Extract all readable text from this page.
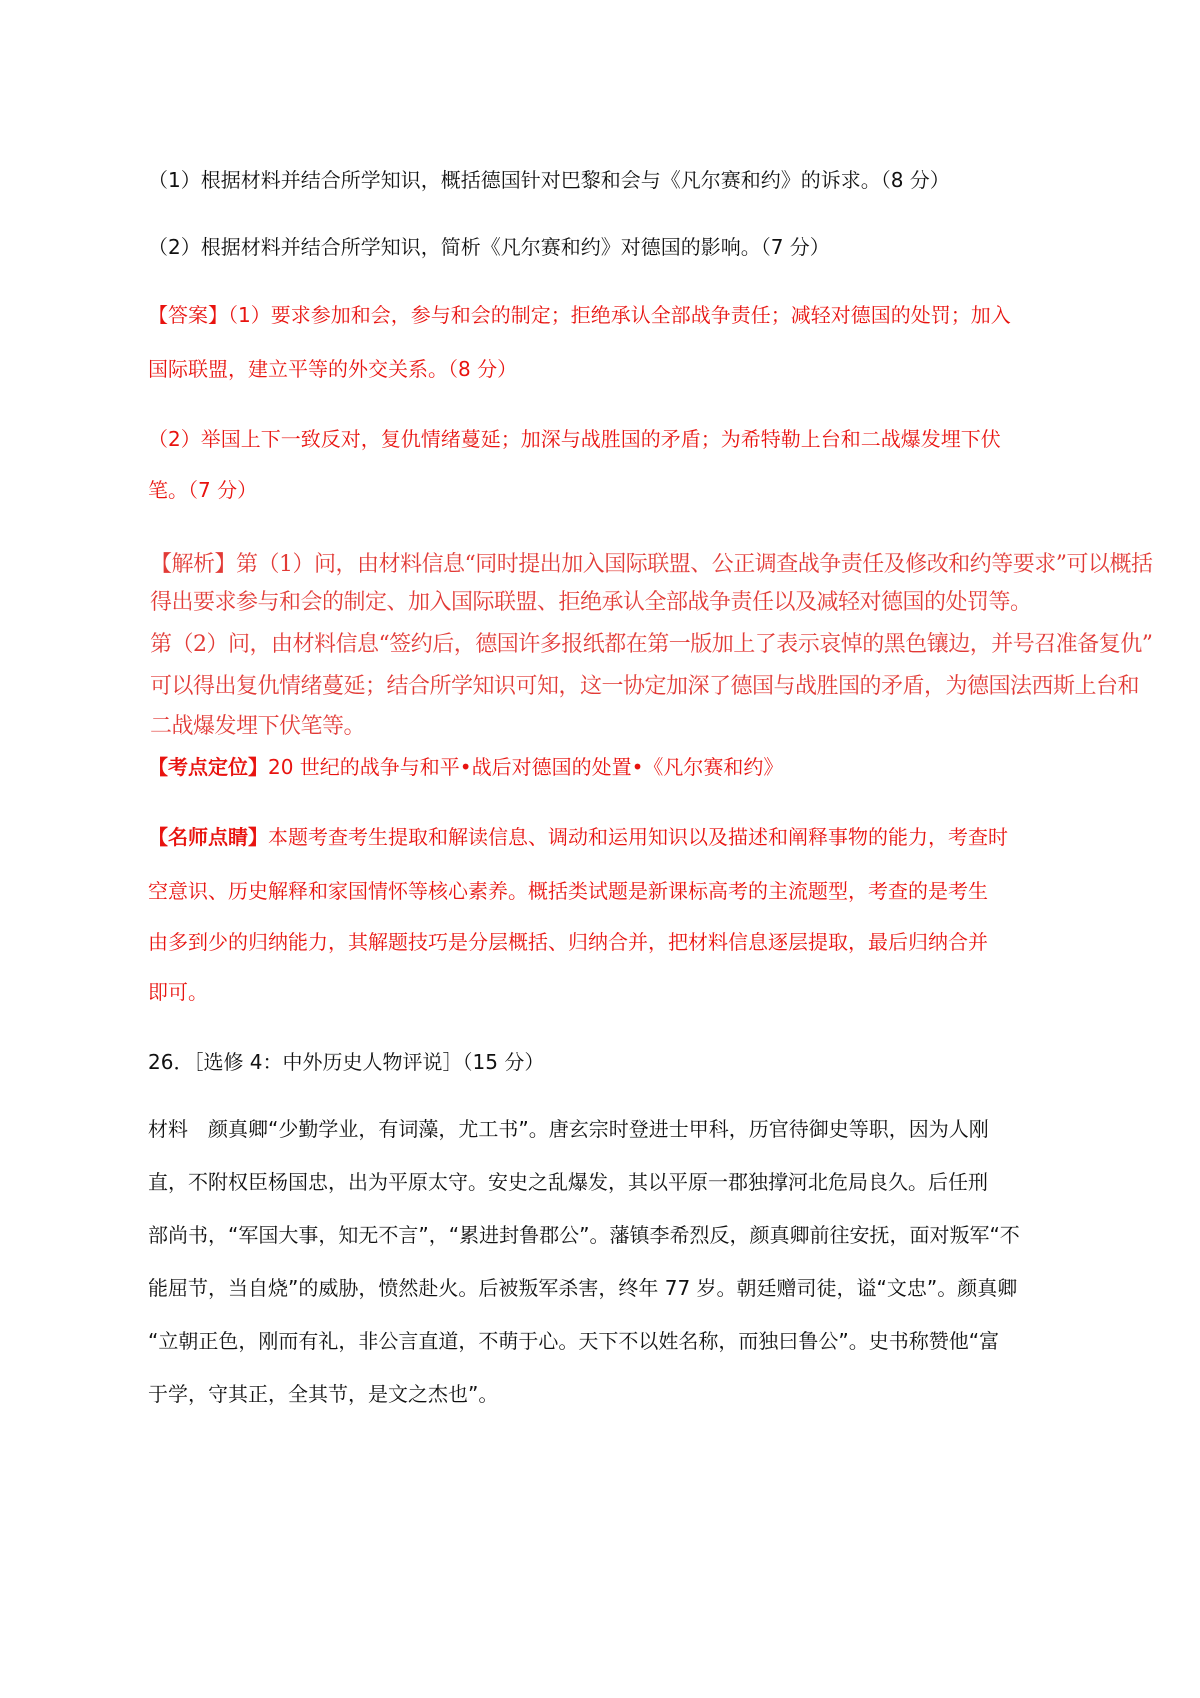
（1）根据材料并结合所学知识，概括德国针对巴黎和会与《凡尔赛和约》的诉求。（8 分）
（2）根据材料并结合所学知识，简析《凡尔赛和约》对德国的影响。（7 分）
【答案】（1）要求参加和会，参与和会的制定；拒绝承认全部战争责任；减轻对德国的处罚；加入
国际联盟，建立平等的外交关系。（8 分）
（2）举国上下一致反对，复仇情绪蔓延；加深与战胜国的矛盾；为希特勒上台和二战爆发埋下伏
笔。（7 分）
【解析】第（1）问，由材料信息“同时提出加入国际联盟、公正调查战争责任及修改和约等要求”可以概括
得出要求参与和会的制定、加入国际联盟、拒绝承认全部战争责任以及减轻对德国的处罚等。
第（2）问，由材料信息“签约后，德国许多报纸都在第一版加上了表示哀悼的黑色镶边，并号召准备复仇”
可以得出复仇情绪蔓延；结合所学知识可知，这一协定加深了德国与战胜国的矛盾，为德国法西斯上台和
二战爆发埋下伏笔等。
【考点定位】20 世纪的战争与和平•战后对德国的处置•《凡尔赛和约》
【名师点睛】本题考查考生提取和解读信息、调动和运用知识以及描述和阐释事物的能力，考查时
空意识、历史解释和家国情怀等核心素养。概括类试题是新课标高考的主流题型，考查的是考生
由多到少的归纳能力，其解题技巧是分层概括、归纳合并，把材料信息逐层提取，最后归纳合并
即可。
26．［选修 4：中外历史人物评说］（15 分）
材料　颜真卿“少勤学业，有词藻，尤工书”。唐玄宗时登进士甲科，历官待御史等职，因为人刚
直，不附权臣杨国忠，出为平原太守。安史之乱爆发，其以平原一郡独撑河北危局良久。后任刑
部尚书，“军国大事，知无不言”，“累进封鲁郡公”。藩镇李希烈反，颜真卿前往安抚，面对叛军“不
能屈节，当自烧”的威胁，愤然赴火。后被叛军杀害，终年 77 岁。朝廷赠司徒，谥“文忠”。颜真卿
“立朝正色，刚而有礼，非公言直道，不萌于心。天下不以姓名称，而独曰鲁公”。史书称赞他“富
于学，守其正，全其节，是文之杰也”。
